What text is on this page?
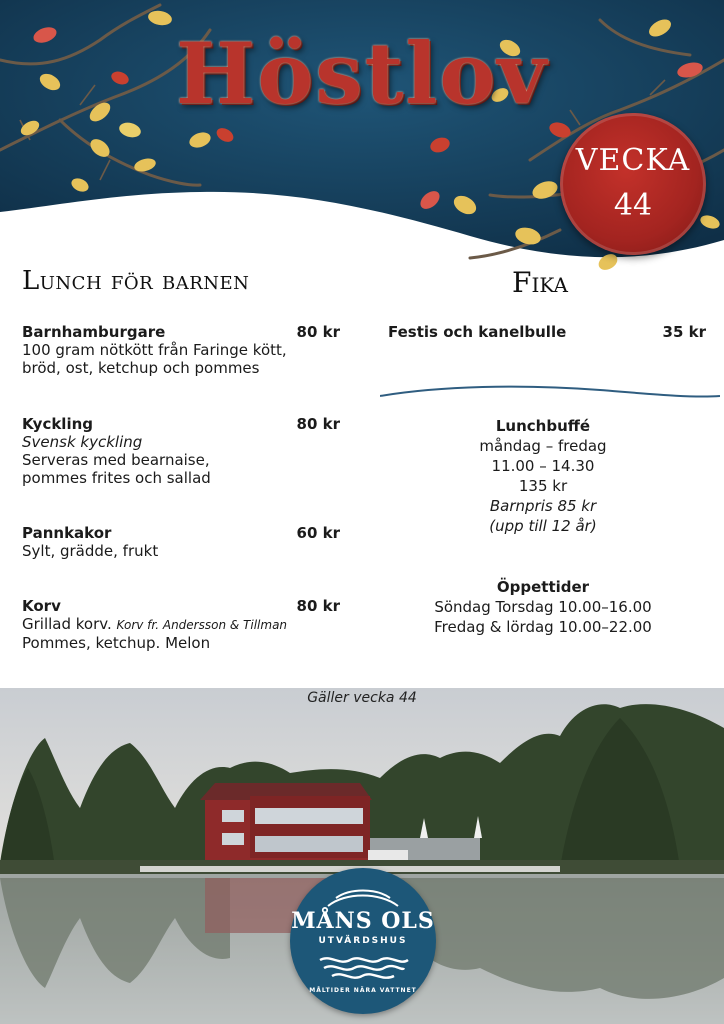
Höstlov
VECKA
44
Lunch för barnen	Fika
Barnhamburgare	80 kr
100 gram nötkött från Faringe kött,
bröd, ost, ketchup och pommes
Kyckling	80 kr
Svensk kyckling
Serveras med bearnaise,
pommes frites och sallad
Pannkakor	60 kr
Sylt, grädde, frukt
Korv	80 kr
Grillad korv. Korv fr. Andersson & Tillman
Pommes, ketchup. Melon
Festis och kanelbulle	35 kr
Lunchbuffé
måndag – fredag
11.00 – 14.30
135 kr
Barnpris 85 kr
(upp till 12 år)
Öppettider
Söndag Torsdag 10.00–16.00
Fredag & lördag 10.00–22.00
Gäller vecka 44
MÅNS OLS
UTVÄRDSHUS
MÅLTIDER NÄRA VATTNET
